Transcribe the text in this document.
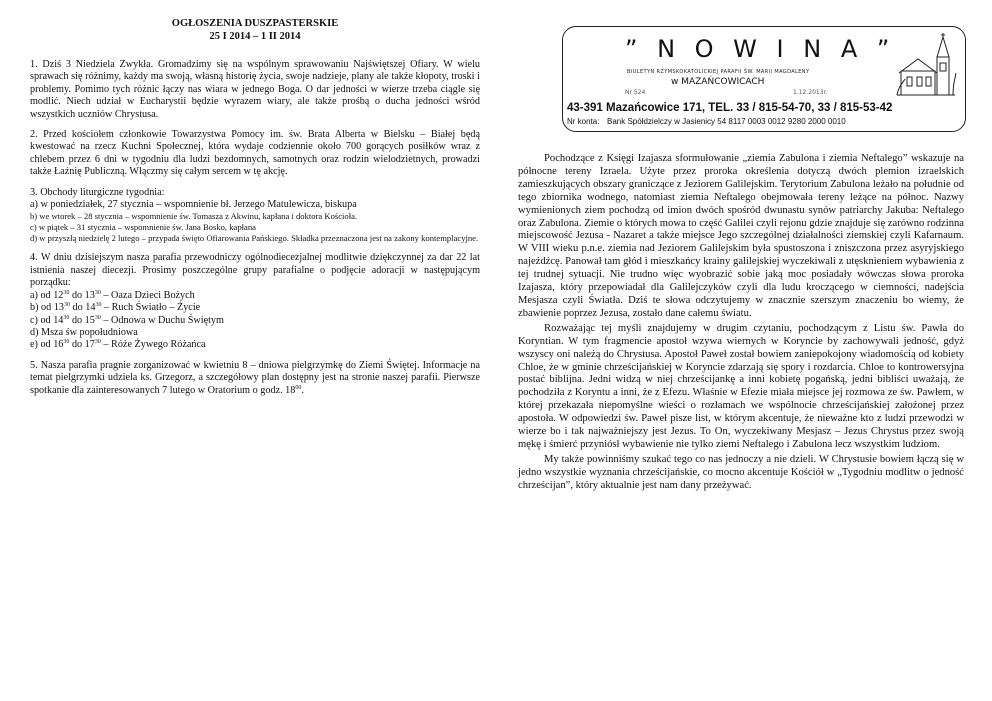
OGŁOSZENIA DUSZPASTERSKIE
25 I 2014 – 1 II 2014

1. Dziś 3 Niedziela Zwykła. Gromadzimy się na wspólnym sprawowaniu Najświętszej Ofiary. W wielu sprawach się różnimy, każdy ma swoją, własną historię życia, swoje nadzieje, plany ale także kłopoty, troski i problemy. Pomimo tych różnic łączy nas wiara w jednego Boga. O dar jedności w wierze trzeba ciągle się modlić. Niech udział w Eucharystii będzie wyrazem wiary, ale także prośbą o ducha jedności wśród wszystkich uczniów Chrystusa.

2. Przed kościołem członkowie Towarzystwa Pomocy im. św. Brata Alberta w Bielsku – Białej będą kwestować na rzecz Kuchni Społecznej, która wydaje codziennie około 700 gorących posiłków wraz z chlebem przez 6 dni w tygodniu dla ludzi bezdomnych, samotnych oraz rodzin wielodzietnych, prowadzi także Łaźnię Publiczną. Włączmy się całym sercem w tę akcję.

3. Obchody liturgiczne tygodnia:

a) w poniedziałek, 27 stycznia – wspomnienie bł. Jerzego Matulewicza, biskupa

b) we wtorek – 28 stycznia – wspomnienie św. Tomasza z Akwinu, kapłana i doktora Kościoła.

c) w piątek – 31 stycznia – wspomnienie św. Jana Bosko, kapłana

d) w przyszłą niedzielę 2 lutego – przypada święto Ofiarowania Pańskiego. Składka przeznaczona jest na zakony kontemplacyjne.

4. W dniu dzisiejszym nasza parafia przewodniczy ogólnodiecezjalnej modlitwie dziękczynnej za dar 22 lat istnienia naszej diecezji. Prosimy poszczególne grupy parafialne o podjęcie adoracji w następującym porządku:

a) od $12^{30}$ do $13^{30}$ – Oaza Dzieci Bożych

b) od $13^{30}$ do $14^{30}$ – Ruch Światło – Życie

c) od $14^{30}$ do $15^{30}$ – Odnowa w Duchu Świętym

d) Msza św popołudniowa

e) od $16^{30}$ do $17^{30}$ – Róże Żywego Różańca

5. Nasza parafia pragnie zorganizować w kwietniu 8 – dniowa pielgrzymkę do Ziemi Świętej. Informacje na temat pielgrzymki udziela ks. Grzegorz, a szczegółowy plan dostępny jest na stronie naszej parafii. Pierwsze spotkanie dla zainteresowanych 7 lutego w Oratorium o godz. $18^{00}$.

” N O W I N A ”
BIULETYN RZYMSKOKATOLICKIEJ PARAFII ŚW. MARII MAGDALENY
w MAZAŃCOWICACH
Nr 524	1.12.2013r.
43-391 Mazańcowice 171, TEL. 33 / 815-54-70, 33 / 815-53-42
Nr konta: Bank Spółdzielczy w Jasienicy 54 8117 0003 0012 9280 2000 0010

Pochodzące z Księgi Izajasza sformułowanie „ziemia Zabulona i ziemia Neftalego” wskazuje na północne tereny Izraela. Użyte przez proroka określenia dotyczą dwóch plemion izraelskich zamieszkujących obszary graniczące z Jeziorem Galilejskim. Terytorium Zabulona leżało na południe od tego zbiornika wodnego, natomiast ziemia Neftalego obejmowała tereny leżące na północ. Nazwy wymienionych ziem pochodzą od imion dwóch spośród dwunastu synów patriarchy Jakuba: Neftalego oraz Zabulona. Ziemie o których mowa to część Galilei czyli rejonu gdzie znajduje się zarówno rodzinna miejscowość Jezusa - Nazaret a także miejsce Jego szczególnej działalności ziemskiej czyli Kafarnaum. W VIII wieku p.n.e. ziemia nad Jeziorem Galilejskim była spustoszona i zniszczona przez asyryjskiego najeźdźcę. Panował tam głód i mieszkańcy krainy galilejskiej wyczekiwali z utęsknieniem wybawienia z tej trudnej sytuacji. Nie trudno więc wyobrazić sobie jaką moc posiadały wówczas słowa proroka Izajasza, który przepowiadał dla Galilejczyków czyli dla ludu kroczącego w ciemności, nadejścia Mesjasza czyli Światła. Dziś te słowa odczytujemy w znacznie szerszym znaczeniu bo wiemy, że zbawienie poprzez Jezusa, zostało dane całemu światu.

Rozważając tej myśli znajdujemy w drugim czytaniu, pochodzącym z Listu św. Pawła do Koryntian. W tym fragmencie apostoł wzywa wiernych w Koryncie by zachowywali jedność, gdyż wszyscy oni należą do Chrystusa. Apostoł Paweł został bowiem zaniepokojony wiadomością od kobiety Chloe, że w gminie chrześcijańskiej w Koryncie zdarzają się spory i rozdarcia. Chloe to kontrowersyjna postać biblijna. Jedni widzą w niej chrześcijankę a inni kobietę pogańską, jedni bibliści uważają, że pochodziła z Koryntu a inni, że z Efezu. Właśnie w Efezie miała miejsce jej rozmowa ze św. Pawłem, w której przekazała niepomyślne wieści o rozłamach we wspólnocie chrześcijańskiej założonej przez apostoła. W odpowiedzi św. Paweł pisze list, w którym akcentuje, że nieważne kto z ludzi przewodzi w wierze bo i tak najważniejszy jest Jezus. To On, wyczekiwany Mesjasz – Jezus Chrystus przez swoją mękę i śmierć przyniósł wybawienie nie tylko ziemi Neftalego i Zabulona lecz wszystkim ludziom.

My także powinniśmy szukać tego co nas jednoczy a nie dzieli. W Chrystusie bowiem łączą się w jedno wszystkie wyznania chrześcijańskie, co mocno akcentuje Kościół w „Tygodniu modlitw o jedność chrześcijan”, który aktualnie jest nam dany przeżywać.
